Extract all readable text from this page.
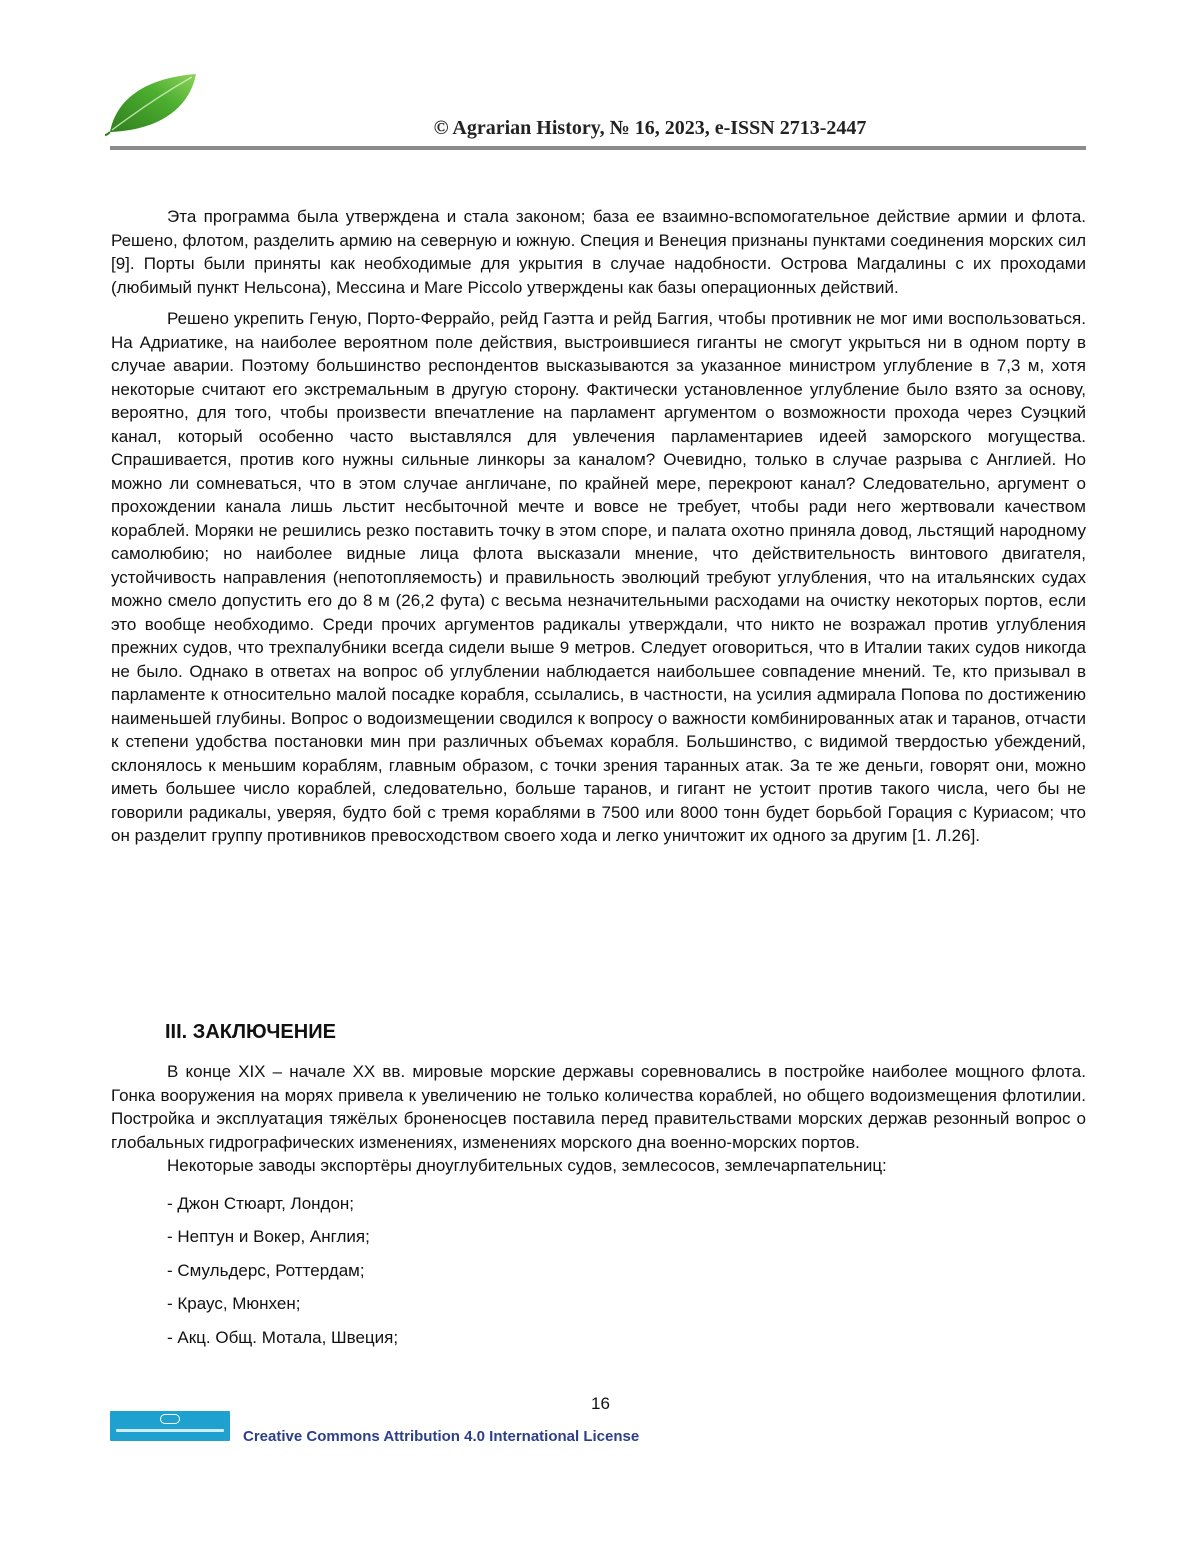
© Agrarian History, № 16, 2023, e-ISSN 2713-2447

Эта программа была утверждена и стала законом; база ее взаимно-вспомогательное действие армии и флота. Решено, флотом, разделить армию на северную и южную. Специя и Венеция признаны пунктами соединения морских сил [9]. Порты были приняты как необходимые для укрытия в случае надобности. Острова Магдалины с их проходами (любимый пункт Нельсона), Мессина и Mare Piccolo утверждены как базы операционных действий.

Решено укрепить Геную, Порто-Феррайо, рейд Гаэтта и рейд Баггия, чтобы противник не мог ими воспользоваться. На Адриатике, на наиболее вероятном поле действия, выстроившиеся гиганты не смогут укрыться ни в одном порту в случае аварии. Поэтому большинство респондентов высказываются за указанное министром углубление в 7,3 м, хотя некоторые считают его экстремальным в другую сторону. Фактически установленное углубление было взято за основу, вероятно, для того, чтобы произвести впечатление на парламент аргументом о возможности прохода через Суэцкий канал, который особенно часто выставлялся для увлечения парламентариев идеей заморского могущества. Спрашивается, против кого нужны сильные линкоры за каналом? Очевидно, только в случае разрыва с Англией. Но можно ли сомневаться, что в этом случае англичане, по крайней мере, перекроют канал? Следовательно, аргумент о прохождении канала лишь льстит несбыточной мечте и вовсе не требует, чтобы ради него жертвовали качеством кораблей. Моряки не решились резко поставить точку в этом споре, и палата охотно приняла довод, льстящий народному самолюбию; но наиболее видные лица флота высказали мнение, что действительность винтового двигателя, устойчивость направления (непотопляемость) и правильность эволюций требуют углубления, что на итальянских судах можно смело допустить его до 8 м (26,2 фута) с весьма незначительными расходами на очистку некоторых портов, если это вообще необходимо. Среди прочих аргументов радикалы утверждали, что никто не возражал против углубления прежних судов, что трехпалубники всегда сидели выше 9 метров. Следует оговориться, что в Италии таких судов никогда не было. Однако в ответах на вопрос об углублении наблюдается наибольшее совпадение мнений. Те, кто призывал в парламенте к относительно малой посадке корабля, ссылались, в частности, на усилия адмирала Попова по достижению наименьшей глубины. Вопрос о водоизмещении сводился к вопросу о важности комбинированных атак и таранов, отчасти к степени удобства постановки мин при различных объемах корабля. Большинство, с видимой твердостью убеждений, склонялось к меньшим кораблям, главным образом, с точки зрения таранных атак. За те же деньги, говорят они, можно иметь большее число кораблей, следовательно, больше таранов, и гигант не устоит против такого числа, чего бы не говорили радикалы, уверяя, будто бой с тремя кораблями в 7500 или 8000 тонн будет борьбой Горация с Куриасом; что он разделит группу противников превосходством своего хода и легко уничтожит их одного за другим [1. Л.26].

III. ЗАКЛЮЧЕНИЕ

В конце XIX – начале XX вв. мировые морские державы соревновались в постройке наиболее мощного флота. Гонка вооружения на морях привела к увеличению не только количества кораблей, но общего водоизмещения флотилии. Постройка и эксплуатация тяжёлых броненосцев поставила перед правительствами морских держав резонный вопрос о глобальных гидрографических изменениях, изменениях морского дна военно-морских портов.

Некоторые заводы экспортёры дноуглубительных судов, землесосов, землечарпательниц:

- Джон Стюарт, Лондон;
- Нептун и Вокер, Англия;
- Смульдерс, Роттердам;
- Краус, Мюнхен;
- Акц. Общ. Мотала, Швеция;
16
Creative Commons Attribution 4.0 International License
